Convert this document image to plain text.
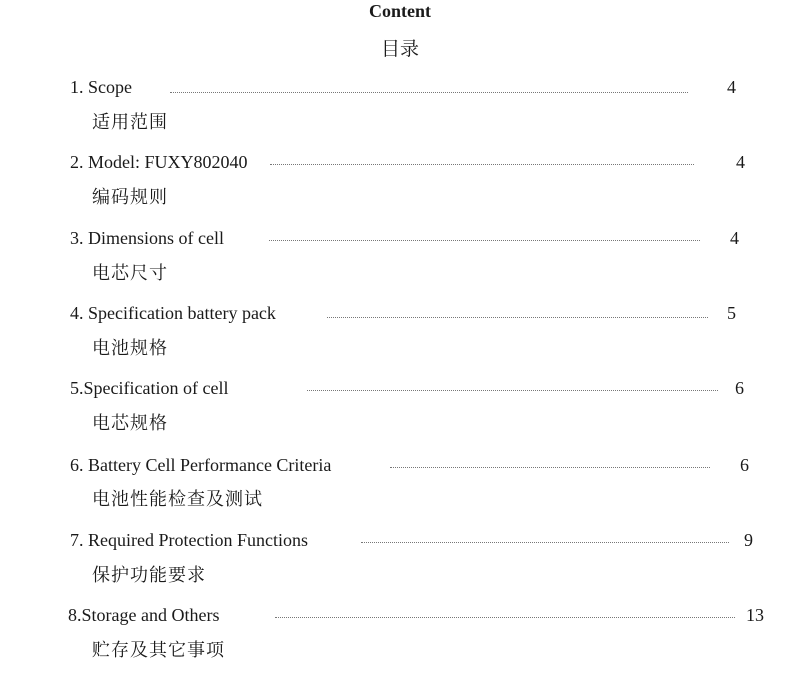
Content
目录
1. Scope	4
适用范围
2. Model: FUXY802040	4
编码规则
3. Dimensions of cell	4
电芯尺寸
4. Specification battery pack	5
电池规格
5.Specification of cell	6
电芯规格
6. Battery Cell Performance Criteria	6
电池性能检查及测试
7. Required Protection Functions	9
保护功能要求
8.Storage and Others	13
贮存及其它事项
